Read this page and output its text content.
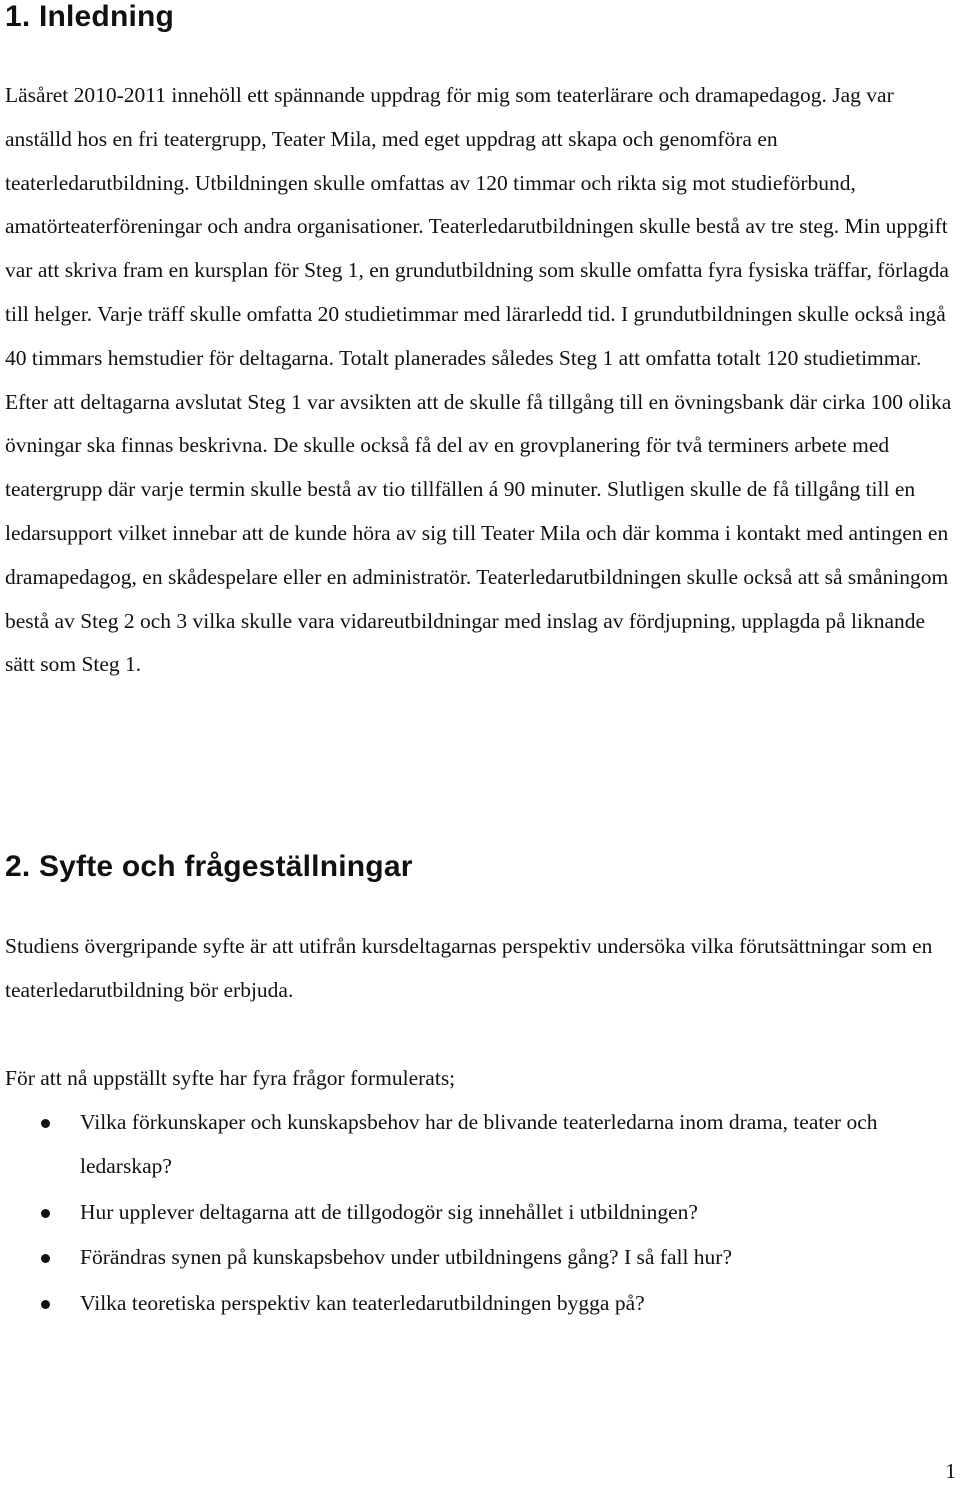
1. Inledning

Läsåret 2010-2011 innehöll ett spännande uppdrag för mig som teaterlärare och dramapedagog. Jag var anställd hos en fri teatergrupp, Teater Mila, med eget uppdrag att skapa och genomföra en teaterledarutbildning. Utbildningen skulle omfattas av 120 timmar och rikta sig mot studieförbund, amatörteaterföreningar och andra organisationer. Teaterledarutbildningen skulle bestå av tre steg. Min uppgift var att skriva fram en kursplan för Steg 1, en grundutbildning som skulle omfatta fyra fysiska träffar, förlagda till helger. Varje träff skulle omfatta 20 studietimmar med lärarledd tid. I grundutbildningen skulle också ingå 40 timmars hemstudier för deltagarna. Totalt planerades således Steg 1 att omfatta totalt 120 studietimmar. Efter att deltagarna avslutat Steg 1 var avsikten att de skulle få tillgång till en övningsbank där cirka 100 olika övningar ska finnas beskrivna. De skulle också få del av en grovplanering för två terminers arbete med teatergrupp där varje termin skulle bestå av tio tillfällen á 90 minuter. Slutligen skulle de få tillgång till en ledarsupport vilket innebar att de kunde höra av sig till Teater Mila och där komma i kontakt med antingen en dramapedagog, en skådespelare eller en administratör. Teaterledarutbildningen skulle också att så småningom bestå av Steg 2 och 3 vilka skulle vara vidareutbildningar med inslag av fördjupning, upplagda på liknande sätt som Steg 1.

2. Syfte och frågeställningar

Studiens övergripande syfte är att utifrån kursdeltagarnas perspektiv undersöka vilka förutsättningar som en teaterledarutbildning bör erbjuda.

För att nå uppställt syfte har fyra frågor formulerats;

Vilka förkunskaper och kunskapsbehov har de blivande teaterledarna inom drama, teater och ledarskap?
Hur upplever deltagarna att de tillgodogör sig innehållet i utbildningen?
Förändras synen på kunskapsbehov under utbildningens gång? I så fall hur?
Vilka teoretiska perspektiv kan teaterledarutbildningen bygga på?
1
